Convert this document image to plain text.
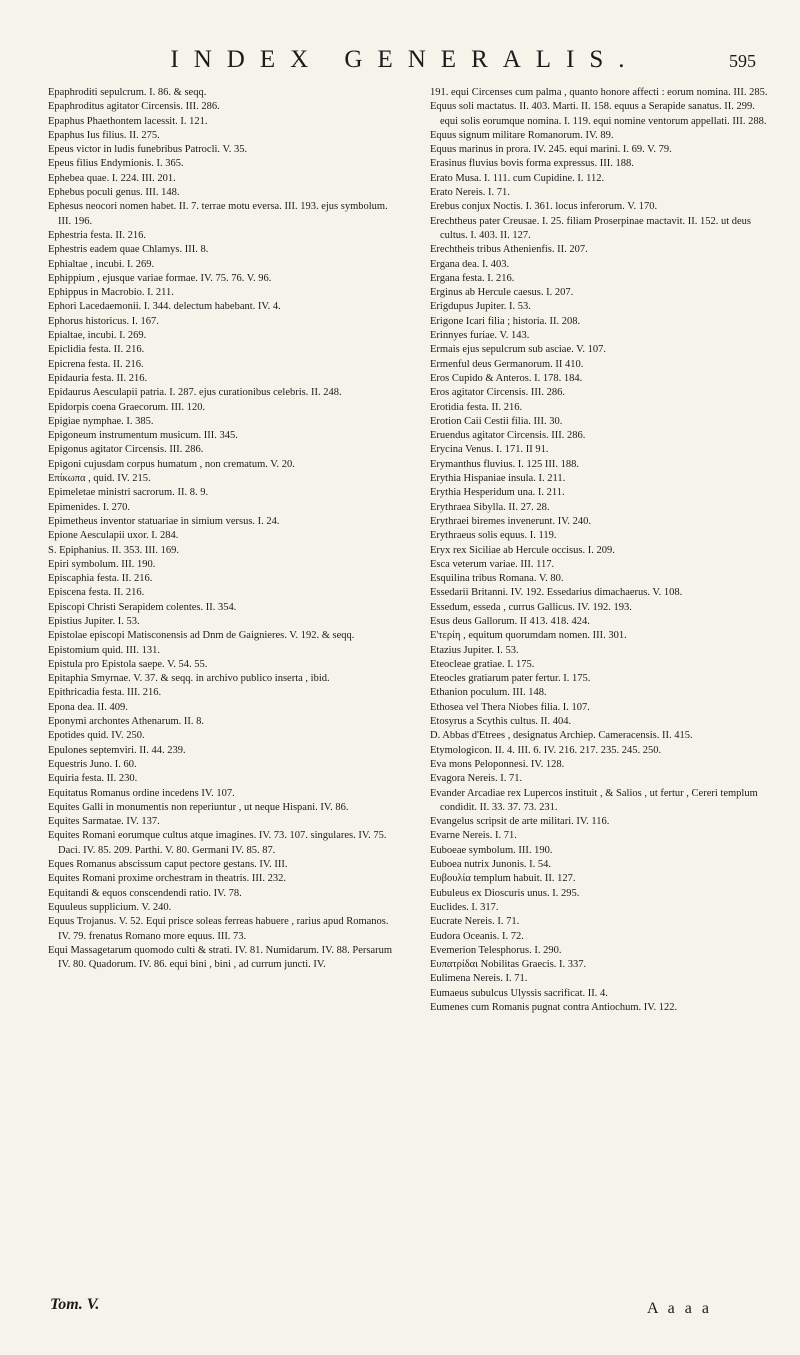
INDEX GENERALIS.	595

Epaphroditi sepulcrum. I. 86. & seqq.

Epaphroditus agitator Circensis. III. 286.

Epaphus Phaethontem lacessit. I. 121.

Epaphus Ius filius. II. 275.

Epeus victor in ludis funebribus Patrocli. V. 35.

Epeus filius Endymionis. I. 365.

Ephebea quae. I. 224. III. 201.

Ephebus poculi genus. III. 148.

Ephesus neocori nomen habet. II. 7. terrae motu eversa. III. 193. ejus symbolum. III. 196.

Ephestria festa. II. 216.

Ephestris eadem quae Chlamys. III. 8.

Ephialtae , incubi. I. 269.

Ephippium , ejusque variae formae. IV. 75. 76. V. 96.

Ephippus in Macrobio. I. 211.

Ephori Lacedaemonii. I. 344. delectum habebant. IV. 4.

Ephorus historicus. I. 167.

Epialtae, incubi. I. 269.

Epiclidia festa. II. 216.

Epicrena festa. II. 216.

Epidauria festa. II. 216.

Epidaurus Aesculapii patria. I. 287. ejus curationibus celebris. II. 248.

Epidorpis coena Graecorum. III. 120.

Epigiae nymphae. I. 385.

Epigoneum instrumentum musicum. III. 345.

Epigonus agitator Circensis. III. 286.

Epigoni cujusdam corpus humatum , non crematum. V. 20.

Επίκωπα , quid. IV. 215.

Epimeletae ministri sacrorum. II. 8. 9.

Epimenides. I. 270.

Epimetheus inventor statuariae in simium versus. I. 24.

Epione Aesculapii uxor. I. 284.

S. Epiphanius. II. 353. III. 169.

Epiri symbolum. III. 190.

Episcaphia festa. II. 216.

Episcena festa. II. 216.

Episcopi Christi Serapidem colentes. II. 354.

Epistius Jupiter. I. 53.

Epistolae episcopi Matisconensis ad Dnm de Gaignieres. V. 192. & seqq.

Epistomium quid. III. 131.

Epistula pro Epistola saepe. V. 54. 55.

Epitaphia Smyrnae. V. 37. & seqq. in archivo publico inserta , ibid.

Epithricadia festa. III. 216.

Epona dea. II. 409.

Eponymi archontes Athenarum. II. 8.

Epotides quid. IV. 250.

Epulones septemviri. II. 44. 239.

Equestris Juno. I. 60.

Equiria festa. II. 230.

Equitatus Romanus ordine incedens IV. 107.

Equites Galli in monumentis non reperiuntur , ut neque Hispani. IV. 86.

Equites Sarmatae. IV. 137.

Equites Romani eorumque cultus atque imagines. IV. 73. 107. singulares. IV. 75. Daci. IV. 85. 209. Parthi. V. 80. Germani IV. 85. 87.

Eques Romanus abscissum caput pectore gestans. IV. III.

Equites Romani proxime orchestram in theatris. III. 232.

Equitandi & equos conscendendi ratio. IV. 78.

Equuleus supplicium. V. 240.

Equus Trojanus. V. 52. Equi prisce soleas ferreas habuere , rarius apud Romanos. IV. 79. frenatus Romano more equus. III. 73.

Equi Massagetarum quomodo culti & strati. IV. 81. Numidarum. IV. 88. Persarum IV. 80. Quadorum. IV. 86. equi bini , bini , ad currum juncti. IV.

191. equi Circenses cum palma , quanto honore affecti : eorum nomina. III. 285.

Equus soli mactatus. II. 403. Marti. II. 158. equus a Serapide sanatus. II. 299. equi solis eorumque nomina. I. 119. equi nomine ventorum appellati. III. 288.

Equus signum militare Romanorum. IV. 89.

Equus marinus in prora. IV. 245. equi marini. I. 69. V. 79.

Erasinus fluvius bovis forma expressus. III. 188.

Erato Musa. I. 111. cum Cupidine. I. 112.

Erato Nereis. I. 71.

Erebus conjux Noctis. I. 361. locus inferorum. V. 170.

Erechtheus pater Creusae. I. 25. filiam Proserpinae mactavit. II. 152. ut deus cultus. I. 403. II. 127.

Erechtheis tribus Athenienfis. II. 207.

Ergana dea. I. 403.

Ergana festa. I. 216.

Erginus ab Hercule caesus. I. 207.

Erigdupus Jupiter. I. 53.

Erigone Icari filia ; historia. II. 208.

Erinnyes furiae. V. 143.

Ermais ejus sepulcrum sub asciae. V. 107.

Ermenful deus Germanorum. II 410.

Eros Cupido & Anteros. I. 178. 184.

Eros agitator Circensis. III. 286.

Erotidia festa. II. 216.

Erotion Caii Cestii filia. III. 30.

Eruendus agitator Circensis. III. 286.

Erycina Venus. I. 171. II 91.

Erymanthus fluvius. I. 125 III. 188.

Erythia Hispaniae insula. I. 211.

Erythia Hesperidum una. I. 211.

Erythraea Sibylla. II. 27. 28.

Erythraei biremes invenerunt. IV. 240.

Erythraeus solis equus. I. 119.

Eryx rex Siciliae ab Hercule occisus. I. 209.

Esca veterum variae. III. 117.

Esquilina tribus Romana. V. 80.

Essedarii Britanni. IV. 192. Essedarius dimachaerus. V. 108.

Essedum, esseda , currus Gallicus. IV. 192. 193.

Esus deus Gallorum. II 413. 418. 424.

Ε'τερίη , equitum quorumdam nomen. III. 301.

Etazius Jupiter. I. 53.

Eteocleae gratiae. I. 175.

Eteocles gratiarum pater fertur. I. 175.

Ethanion poculum. III. 148.

Ethosea vel Thera Niobes filia. I. 107.

Etosyrus a Scythis cultus. II. 404.

D. Abbas d'Etrees , designatus Archiep. Cameracensis. II. 415.

Etymologicon. II. 4. III. 6. IV. 216. 217. 235. 245. 250.

Eva mons Peloponnesi. IV. 128.

Evagora Nereis. I. 71.

Evander Arcadiae rex Lupercos instituit , & Salios , ut fertur , Cereri templum condidit. II. 33. 37. 73. 231.

Evangelus scripsit de arte militari. IV. 116.

Evarne Nereis. I. 71.

Euboeae symbolum. III. 190.

Euboea nutrix Junonis. I. 54.

Ευβουλία templum habuit. II. 127.

Eubuleus ex Dioscuris unus. I. 295.

Euclides. I. 317.

Eucrate Nereis. I. 71.

Eudora Oceanis. I. 72.

Evemerion Telesphorus. I. 290.

Ευπατρίδαι Nobilitas Graecis. I. 337.

Eulimena Nereis. I. 71.

Eumaeus subulcus Ulyssis sacrificat. II. 4.

Eumenes cum Romanis pugnat contra Antiochum. IV. 122.

Tom. V.	A a a a
